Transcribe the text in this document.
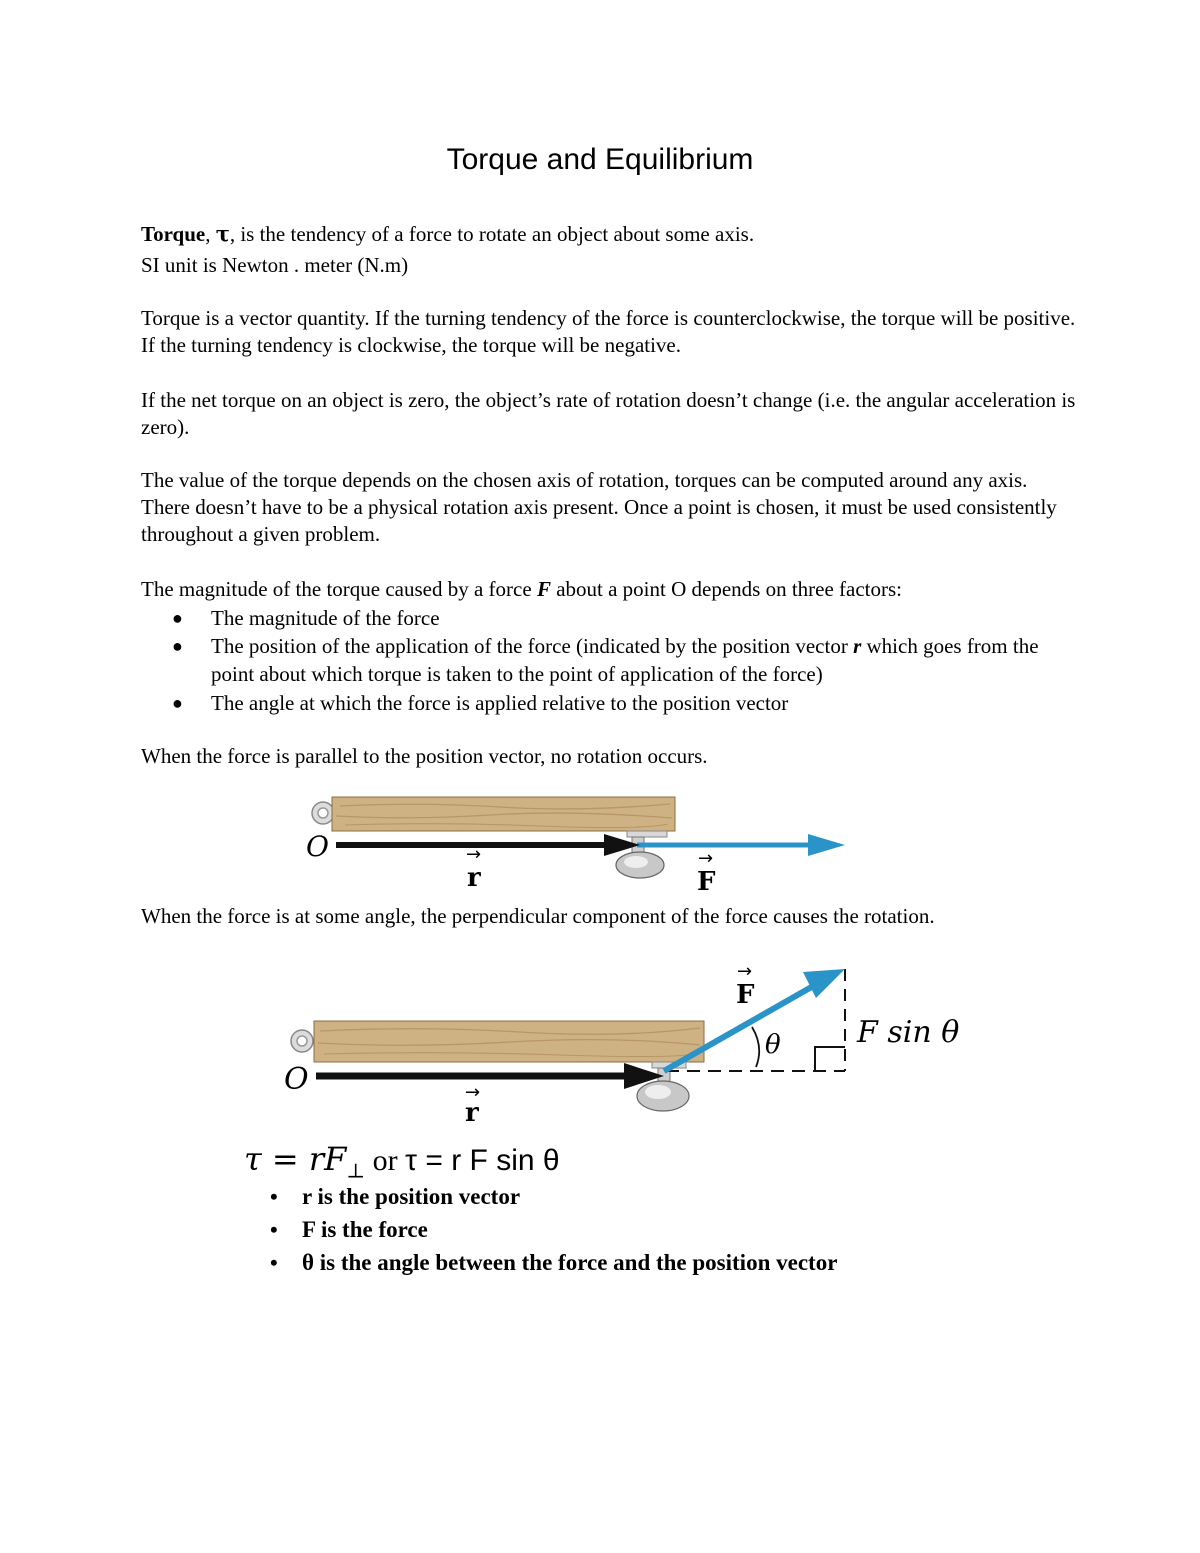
Torque and Equilibrium
Torque, τ, is the tendency of a force to rotate an object about some axis.
SI unit is Newton . meter (N.m)
Torque is a vector quantity. If the turning tendency of the force is counterclockwise, the torque will be positive. If the turning tendency is clockwise, the torque will be negative.
If the net torque on an object is zero, the object’s rate of rotation doesn’t change (i.e. the angular acceleration is zero).
The value of the torque depends on the chosen axis of rotation, torques can be computed around any axis. There doesn’t have to be a physical rotation axis present. Once a point is chosen, it must be used consistently throughout a given problem.
The magnitude of the torque caused by a force F about a point O depends on three factors:
● The magnitude of the force
● The position of the application of the force (indicated by the position vector r which goes from the point about which torque is taken to the point of application of the force)
● The angle at which the force is applied relative to the position vector
When the force is parallel to the position vector, no rotation occurs.
O	→
r
→
F
When the force is at some angle, the perpendicular component of the force causes the rotation.
O	→
r
→
F
θ	F sin θ
$\tau = rF_\perp$ or τ = r F sin θ
• r is the position vector
• F is the force
• θ is the angle between the force and the position vector
